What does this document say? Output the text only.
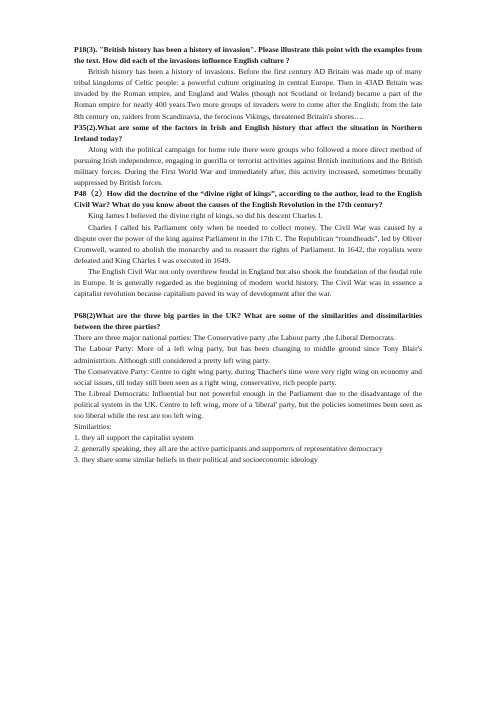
P18(3). "British history has been a history of invasion". Please illustrate this point with the examples from the text. How did each of the invasions influence English culture ?

British history has been a history of invasions. Before the first century AD Britain was made up of many tribal kingdoms of Celtic people: a powerful culture originating in central Europe. Then in 43AD Britain was invaded by the Roman empire, and England and Wales (though not Scotland or Ireland) became a part of the Roman empire for nearly 400 years.Two more groups of invaders were to come after the English: from the late 8th century on, raiders from Scandinavia, the ferocious Vikings, threatened Britain's shores….

P35(2).What are some of the factors in Irish and English history that affect the situation in Northern Ireland today?

Along with the political campaign for home rule there were groups who followed a more direct method of pursuing Irish independence, engaging in guerilla or terrorist activities against British institutions and the British military forces. During the First World War and immediately after, this activity increased, sometimes brutally suppressed by British forces.

P48（2）How did the doctrine of the “divine right of kings”, according to the author, lead to the English Civil War? What do you know about the causes of the English Revolution in the 17th century?

King James I believed the divine right of kings, so did his descent Charles I.

Charles I called his Parliament only when he needed to collect money. The Civil War was caused by a dispute over the power of the king against Parliament in the 17th C. The Republican “roundheads”, led by Oliver Cromwell, wanted to abolish the monarchy and to reassert the rights of Parliament. In 1642, the royalists were defeated and King Charles I was executed in 1649.

The English Civil War not only overthrew feudal in England but also shook the foundation of the feudal rule in Europe. It is generally regarded as the beginning of modern world history. The Civil War was in essence a capitalist revolution because capitalism paved its way of development after the war.

P68(2)What are the three big parties in the UK? What are some of the similarities and dissimilarities between the three parties?

There are three major national parties: The Conservative party ,the Labour party ,the Liberal Democrats.

The Labour Party: More of a left wing party, but has been changing to middle ground since Tony Blair's administrtion. Although still considered a pretty left wing party.

The Conservative Party: Centre to right wing party, during Thacher's time were very right wing on economy and social issues, till today still been seen as a right wing, conservative, rich people party.

The Libreal Democrats: Influential but not powerful enough in the Parliament due to the disadvantage of the political system in the UK. Centre to left wing, more of a 'liberal' party, but the policies sometimes been seen as too liberal while the rest are too left wing.

Similarities:

1. they all support the capitalist system
2. generally speaking, they all are the active participants and supporters of representative democracy
3. they share some similar beliefs in their political and socioeconomic ideology
